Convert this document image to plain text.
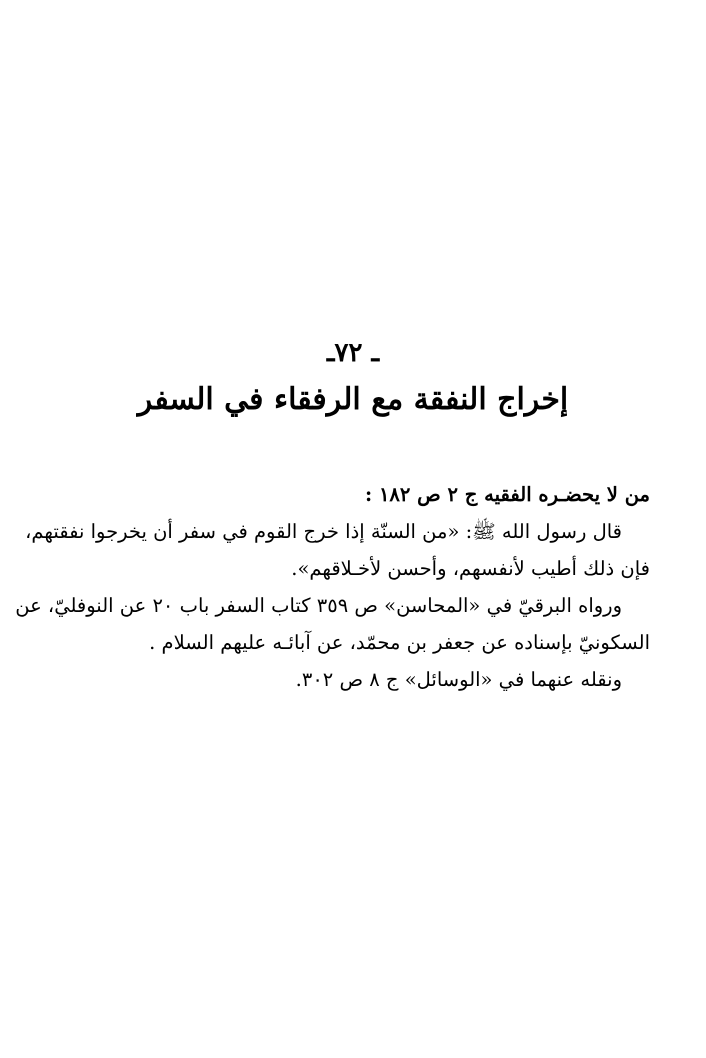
ـ ٧٢ـ
إخراج النفقة مع الرفقاء في السفر
من لا يحضـره الفقيه ج ٢ ص ١٨٢ :
قال رسول الله ﷺ: «من السنّة إذا خرج القوم في سفر أن يخرجوا نفقتهم،
فإن ذلك أطيب لأنفسهم، وأحسن لأخـلاقهم».
ورواه البرقيّ في «المحاسن» ص ٣٥٩ كتاب السفر باب ٢٠ عن النوفليّ، عن
السكونيّ بإسناده عن جعفر بن محمّد، عن آبائـه عليهم السلام .
ونقله عنهما في «الوسائل» ج ٨ ص ٣٠٢.
